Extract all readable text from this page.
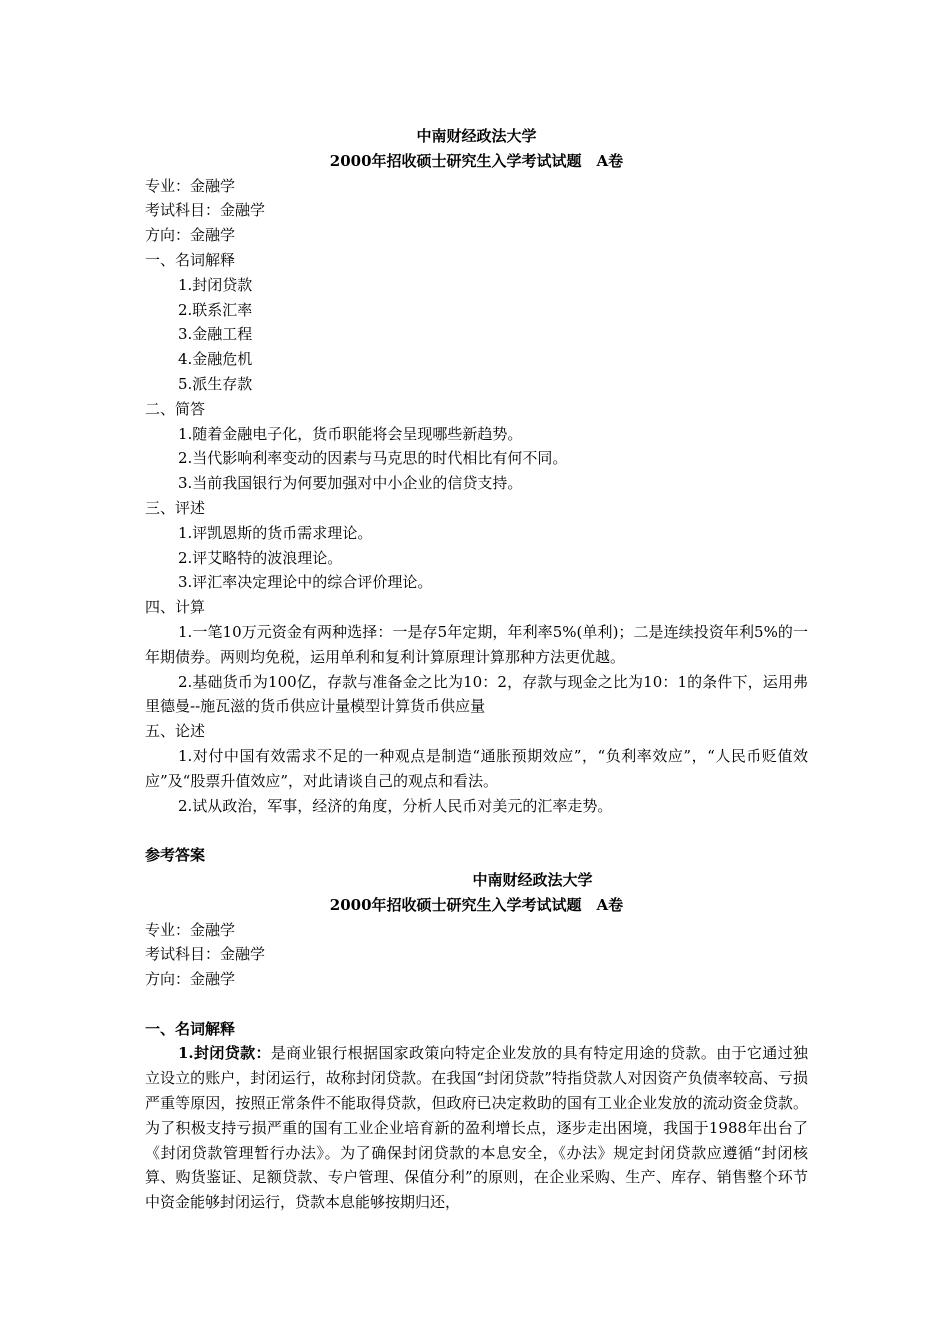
中南财经政法大学
2000年招收硕士研究生入学考试试题　A卷
专业：金融学
考试科目：金融学
方向：金融学
一、名词解释
1.封闭贷款
2.联系汇率
3.金融工程
4.金融危机
5.派生存款
二、简答
1.随着金融电子化，货币职能将会呈现哪些新趋势。
2.当代影响利率变动的因素与马克思的时代相比有何不同。
3.当前我国银行为何要加强对中小企业的信贷支持。
三、评述
1.评凯恩斯的货币需求理论。
2.评艾略特的波浪理论。
3.评汇率决定理论中的综合评价理论。
四、计算
1.一笔10万元资金有两种选择：一是存5年定期，年利率5%(单利)；二是连续投资年利5%的一年期债券。两则均免税，运用单利和复利计算原理计算那种方法更优越。
2.基础货币为100亿，存款与准备金之比为10：2，存款与现金之比为10：1的条件下，运用弗里德曼--施瓦滋的货币供应计量模型计算货币供应量
五、论述
1.对付中国有效需求不足的一种观点是制造“通胀预期效应”，“负利率效应”，“人民币贬值效应”及“股票升值效应”，对此请谈自己的观点和看法。
2.试从政治，军事，经济的角度，分析人民币对美元的汇率走势。
参考答案
中南财经政法大学
2000年招收硕士研究生入学考试试题　A卷
专业：金融学
考试科目：金融学
方向：金融学
一、名词解释
1.封闭贷款：是商业银行根据国家政策向特定企业发放的具有特定用途的贷款。由于它通过独立设立的账户，封闭运行，故称封闭贷款。在我国“封闭贷款”特指贷款人对因资产负债率较高、亏损严重等原因，按照正常条件不能取得贷款，但政府已决定救助的国有工业企业发放的流动资金贷款。为了积极支持亏损严重的国有工业企业培育新的盈利增长点，逐步走出困境，我国于1988年出台了《封闭贷款管理暂行办法》。为了确保封闭贷款的本息安全，《办法》规定封闭贷款应遵循“封闭核算、购货鉴证、足额贷款、专户管理、保值分利”的原则，在企业采购、生产、库存、销售整个环节中资金能够封闭运行，贷款本息能够按期归还，
